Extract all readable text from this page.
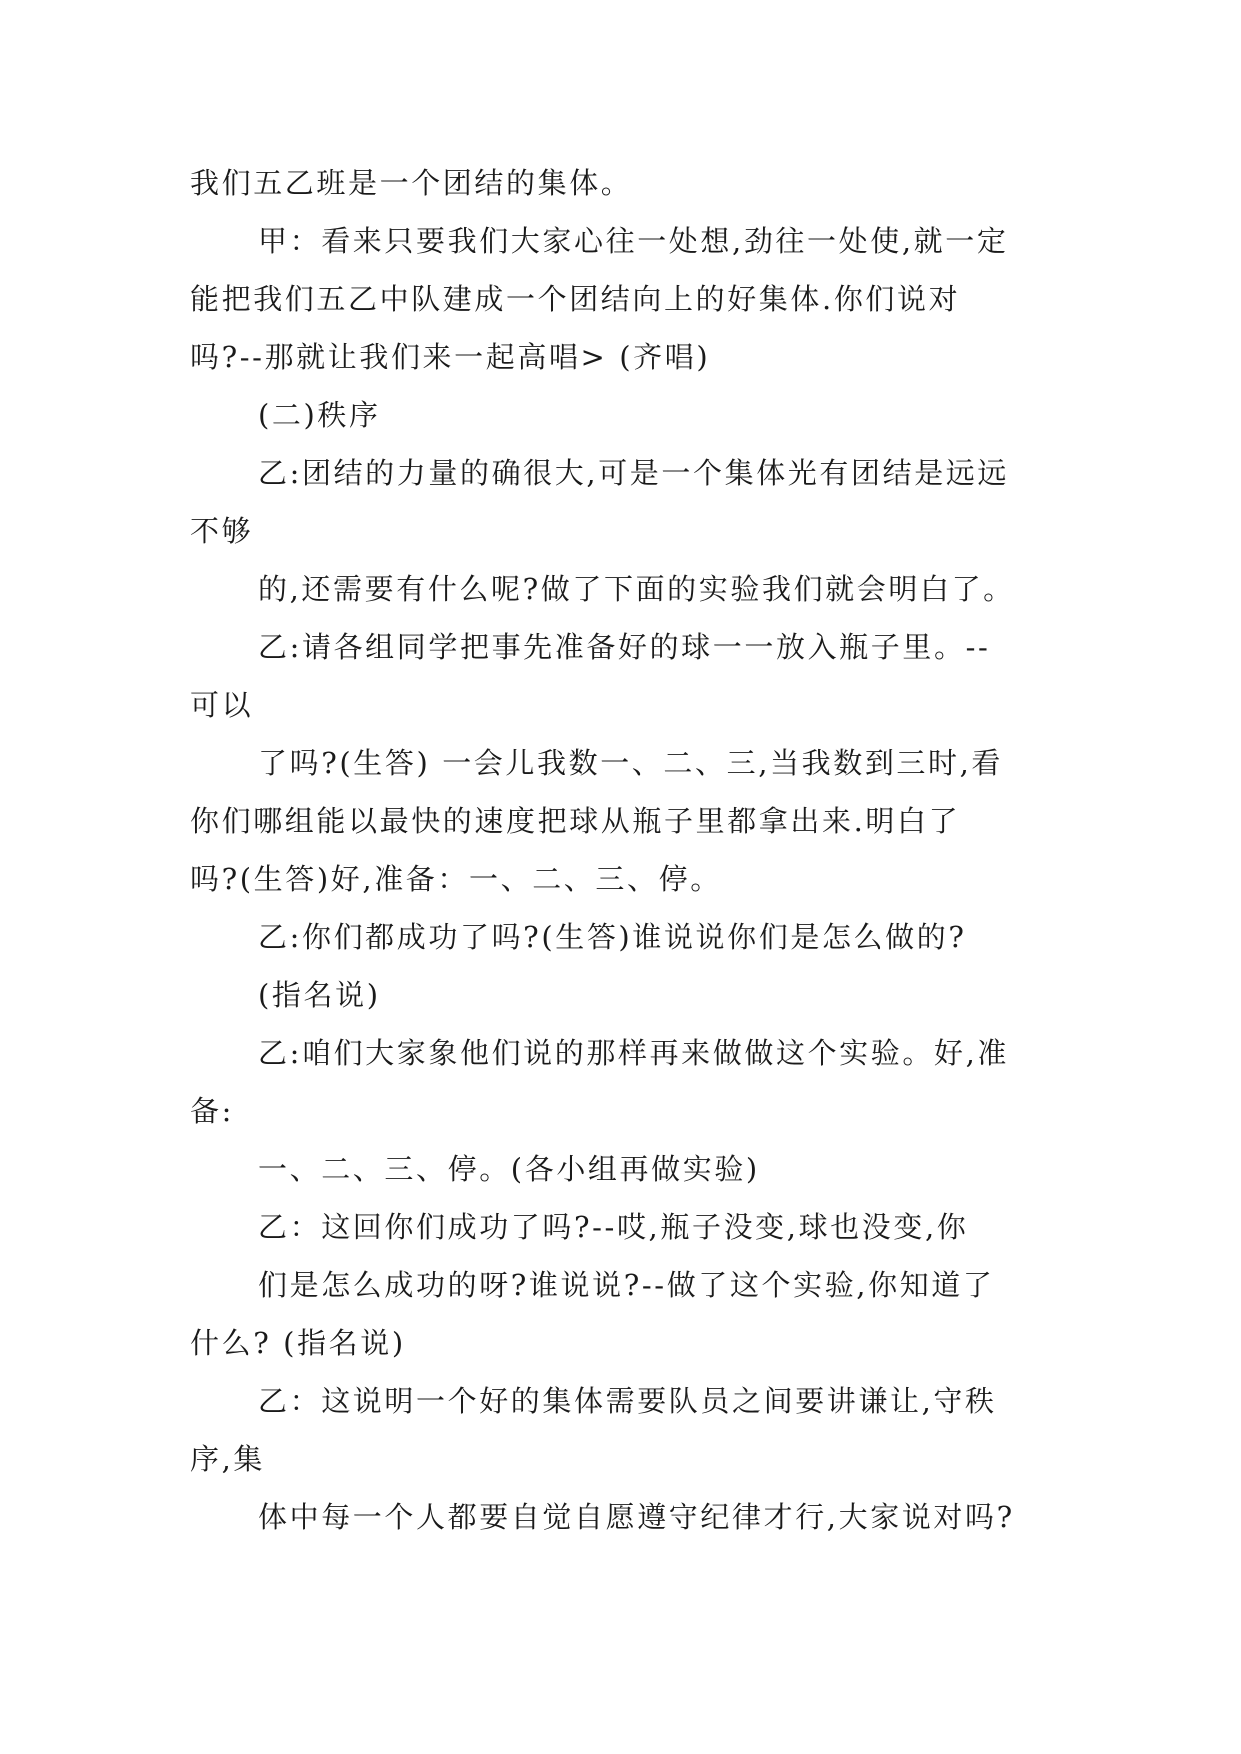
我们五乙班是一个团结的集体。
甲：看来只要我们大家心往一处想,劲往一处使,就一定
能把我们五乙中队建成一个团结向上的好集体.你们说对
吗?--那就让我们来一起高唱> (齐唱)
(二)秩序
乙:团结的力量的确很大,可是一个集体光有团结是远远
不够
的,还需要有什么呢?做了下面的实验我们就会明白了。
乙:请各组同学把事先准备好的球一一放入瓶子里。--
可以
了吗?(生答) 一会儿我数一、二、三,当我数到三时,看
你们哪组能以最快的速度把球从瓶子里都拿出来.明白了
吗?(生答)好,准备：一、二、三、停。
乙:你们都成功了吗?(生答)谁说说你们是怎么做的?
(指名说)
乙:咱们大家象他们说的那样再来做做这个实验。好,准
备:
一、二、三、停。(各小组再做实验)
乙：这回你们成功了吗?--哎,瓶子没变,球也没变,你
们是怎么成功的呀?谁说说?--做了这个实验,你知道了
什么? (指名说)
乙：这说明一个好的集体需要队员之间要讲谦让,守秩
序,集
体中每一个人都要自觉自愿遵守纪律才行,大家说对吗?
